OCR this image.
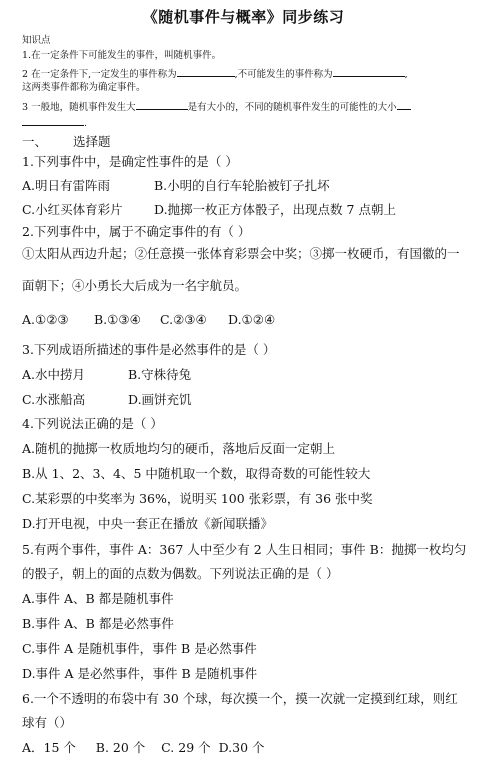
《随机事件与概率》同步练习
知识点
1.在一定条件下可能发生的事件，叫随机事件。
2 在一定条件下,一定发生的事件称为	,不可能发生的事件称为	,
这两类事件都称为确定事件。
3 一般地，随机事件发生大	是有大小的，不同的随机事件发生的可能性的大小
.
一、 选择题
1.下列事件中，是确定性事件的是（ ）
A.明日有雷阵雨	B.小明的自行车轮胎被钉子扎坏
C.小红买体育彩片	D.抛掷一枚正方体骰子，出现点数 7 点朝上
2.下列事件中，属于不确定事件的有（ ）
①太阳从西边升起；②任意摸一张体育彩票会中奖；③掷一枚硬币，有国徽的一
面朝下；④小勇长大后成为一名宇航员。
A.①②③ B.①③④ C.②③④ D.①②④
3.下列成语所描述的事件是必然事件的是（ ）
A.水中捞月	B.守株待兔
C.水涨船高	D.画饼充饥
4.下列说法正确的是（ ）
A.随机的抛掷一枚质地均匀的硬币，落地后反面一定朝上
B.从 1、2、3、4、5 中随机取一个数，取得奇数的可能性较大
C.某彩票的中奖率为 36%，说明买 100 张彩票，有 36 张中奖
D.打开电视，中央一套正在播放《新闻联播》
5.有两个事件，事件 A：367 人中至少有 2 人生日相同；事件 B：抛掷一枚均匀
的骰子，朝上的面的点数为偶数。下列说法正确的是（ ）
A.事件 A、B 都是随机事件
B.事件 A、B 都是必然事件
C.事件 A 是随机事件，事件 B 是必然事件
D.事件 A 是必然事件，事件 B 是随机事件
6.一个不透明的布袋中有 30 个球，每次摸一个，摸一次就一定摸到红球，则红
球有（）
A．15 个     B. 20 个    C. 29 个  D.30 个
